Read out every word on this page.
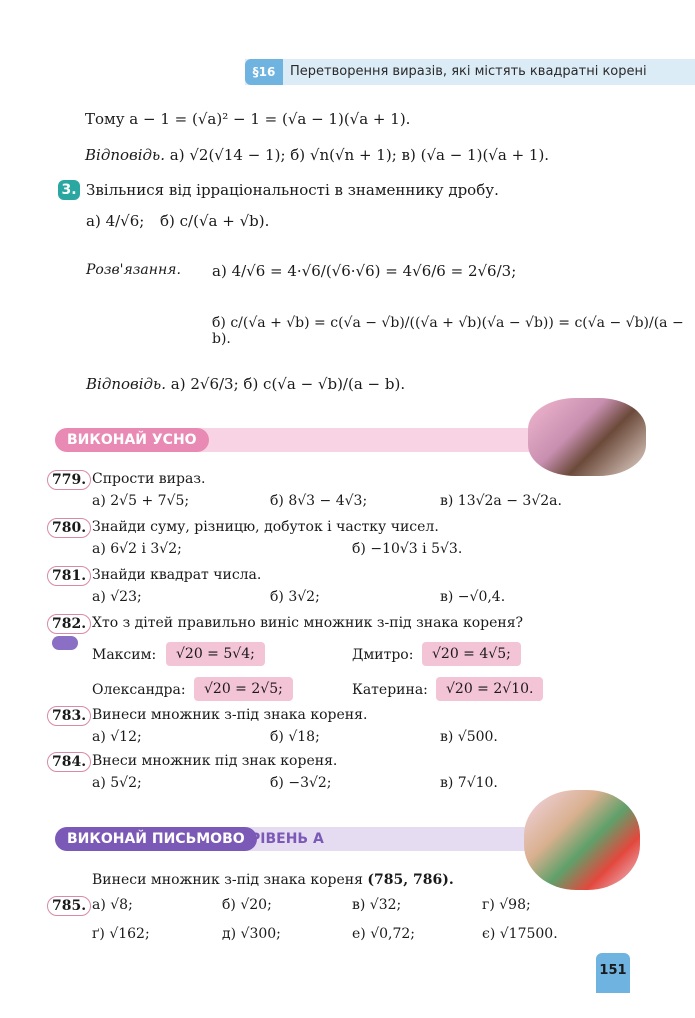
§16	Перетворення виразів, які містять квадратні корені
Тому a − 1 = (√a)² − 1 = (√a − 1)(√a + 1).
Відповідь. а) √2(√14 − 1); б) √n(√n + 1); в) (√a − 1)(√a + 1).
3. Звільнися від ірраціональності в знаменнику дробу.
а) 4/√6; б) c/(√a + √b).
Розв'язання. а) 4/√6 = 4·√6/(√6·√6) = 4√6/6 = 2√6/3;
б) c/(√a + √b) = c(√a − √b)/((√a + √b)(√a − √b)) = c(√a − √b)/(a − b).
Відповідь. а) 2√6/3; б) c(√a − √b)/(a − b).
ВИКОНАЙ УСНО
779. Спрости вираз.
а) 2√5 + 7√5;	б) 8√3 − 4√3;	в) 13√2a − 3√2a.
780. Знайди суму, різницю, добуток і частку чисел.
а) 6√2 і 3√2;	б) −10√3 і 5√3.
781. Знайди квадрат числа.
а) √23;	б) 3√2;	в) −√0,4.
782. Хто з дітей правильно виніс множник з-під знака кореня?
Максим:	√20 = 5√4;	Дмитро:	√20 = 4√5;
Олександра:	√20 = 2√5;	Катерина:	√20 = 2√10.
783. Винеси множник з-під знака кореня.
а) √12;	б) √18;	в) √500.
784. Внеси множник під знак кореня.
а) 5√2;	б) −3√2;	в) 7√10.
ВИКОНАЙ ПИСЬМОВО РІВЕНЬ А
Винеси множник з-під знака кореня (785, 786).
785. а) √8;	б) √20;	в) √32;	г) √98;
ґ) √162;	д) √300;	е) √0,72;	є) √17500.
151
